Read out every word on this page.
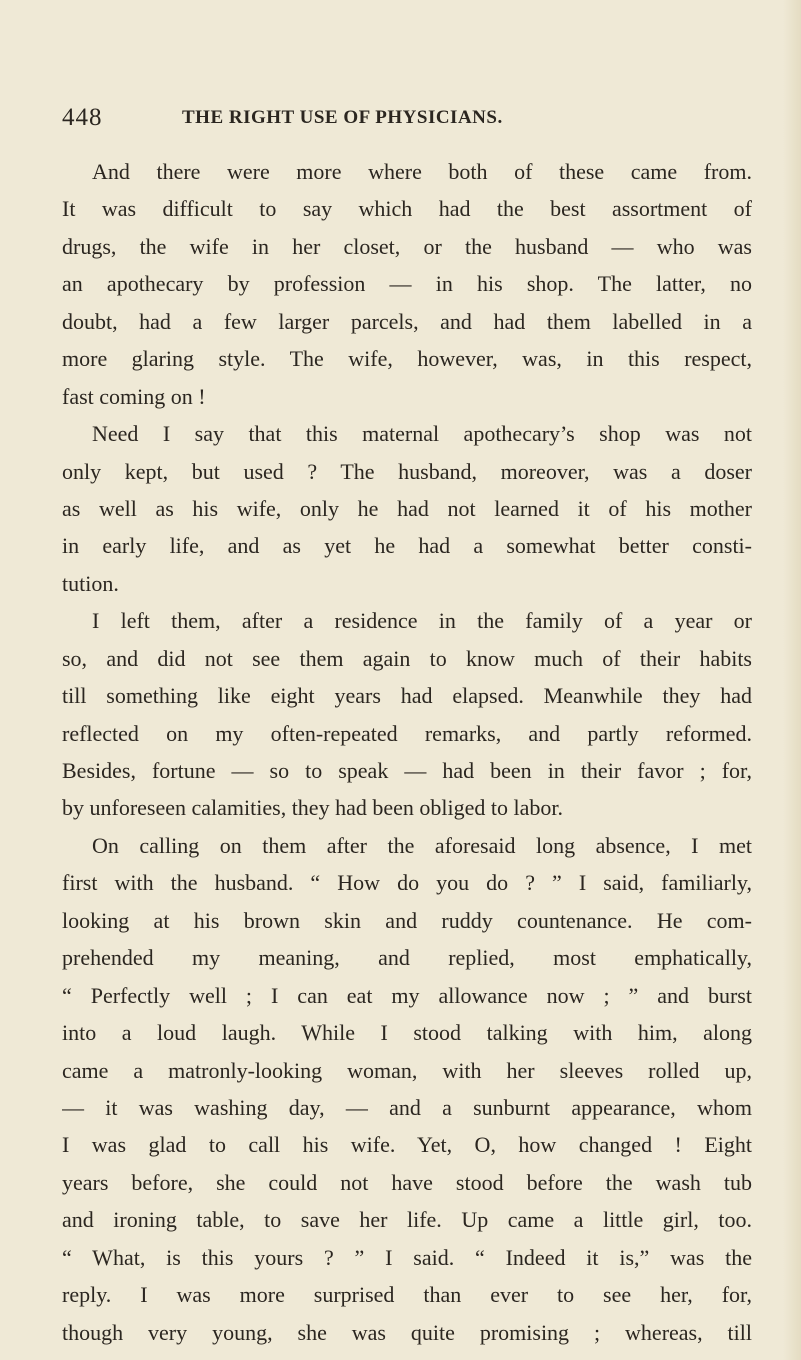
448	THE RIGHT USE OF PHYSICIANS.
And there were more where both of these came from.
It was difficult to say which had the best assortment of
drugs, the wife in her closet, or the husband — who was
an apothecary by profession — in his shop. The latter, no
doubt, had a few larger parcels, and had them labelled in a
more glaring style. The wife, however, was, in this respect,
fast coming on !
Need I say that this maternal apothecary’s shop was not
only kept, but used ? The husband, moreover, was a doser
as well as his wife, only he had not learned it of his mother
in early life, and as yet he had a somewhat better consti-
tution.
I left them, after a residence in the family of a year or
so, and did not see them again to know much of their habits
till something like eight years had elapsed. Meanwhile they had
reflected on my often-repeated remarks, and partly reformed.
Besides, fortune — so to speak — had been in their favor ; for,
by unforeseen calamities, they had been obliged to labor.
On calling on them after the aforesaid long absence, I met
first with the husband. “ How do you do ? ” I said, familiarly,
looking at his brown skin and ruddy countenance. He com-
prehended my meaning, and replied, most emphatically,
“ Perfectly well ; I can eat my allowance now ; ” and burst
into a loud laugh. While I stood talking with him, along
came a matronly-looking woman, with her sleeves rolled up,
— it was washing day, — and a sunburnt appearance, whom
I was glad to call his wife. Yet, O, how changed ! Eight
years before, she could not have stood before the wash tub
and ironing table, to save her life. Up came a little girl, too.
“ What, is this yours ? ” I said. “ Indeed it is,” was the
reply. I was more surprised than ever to see her, for,
though very young, she was quite promising ; whereas, till
